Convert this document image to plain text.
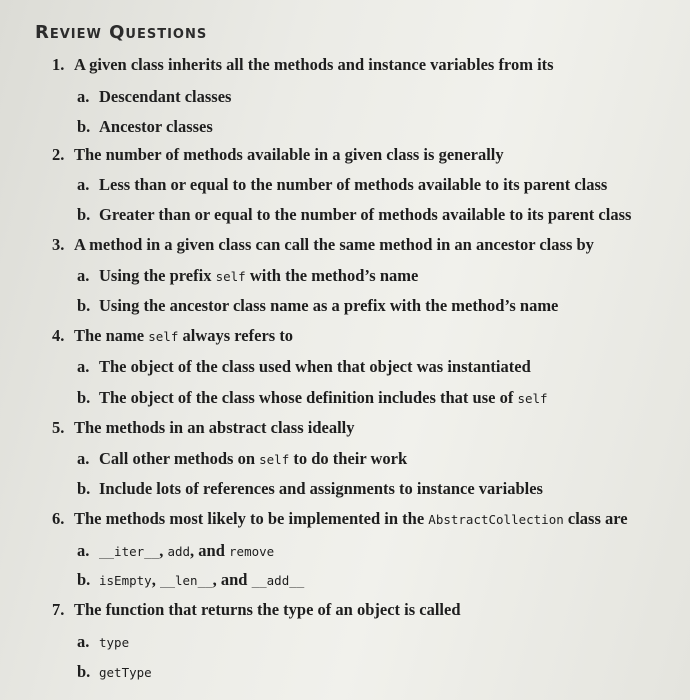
Review Questions
1. A given class inherits all the methods and instance variables from its
a. Descendant classes
b. Ancestor classes
2. The number of methods available in a given class is generally
a. Less than or equal to the number of methods available to its parent class
b. Greater than or equal to the number of methods available to its parent class
3. A method in a given class can call the same method in an ancestor class by
a. Using the prefix self with the method’s name
b. Using the ancestor class name as a prefix with the method’s name
4. The name self always refers to
a. The object of the class used when that object was instantiated
b. The object of the class whose definition includes that use of self
5. The methods in an abstract class ideally
a. Call other methods on self to do their work
b. Include lots of references and assignments to instance variables
6. The methods most likely to be implemented in the AbstractCollection class are
a. __iter__, add, and remove
b. isEmpty, __len__, and __add__
7. The function that returns the type of an object is called
a. type
b. getType
